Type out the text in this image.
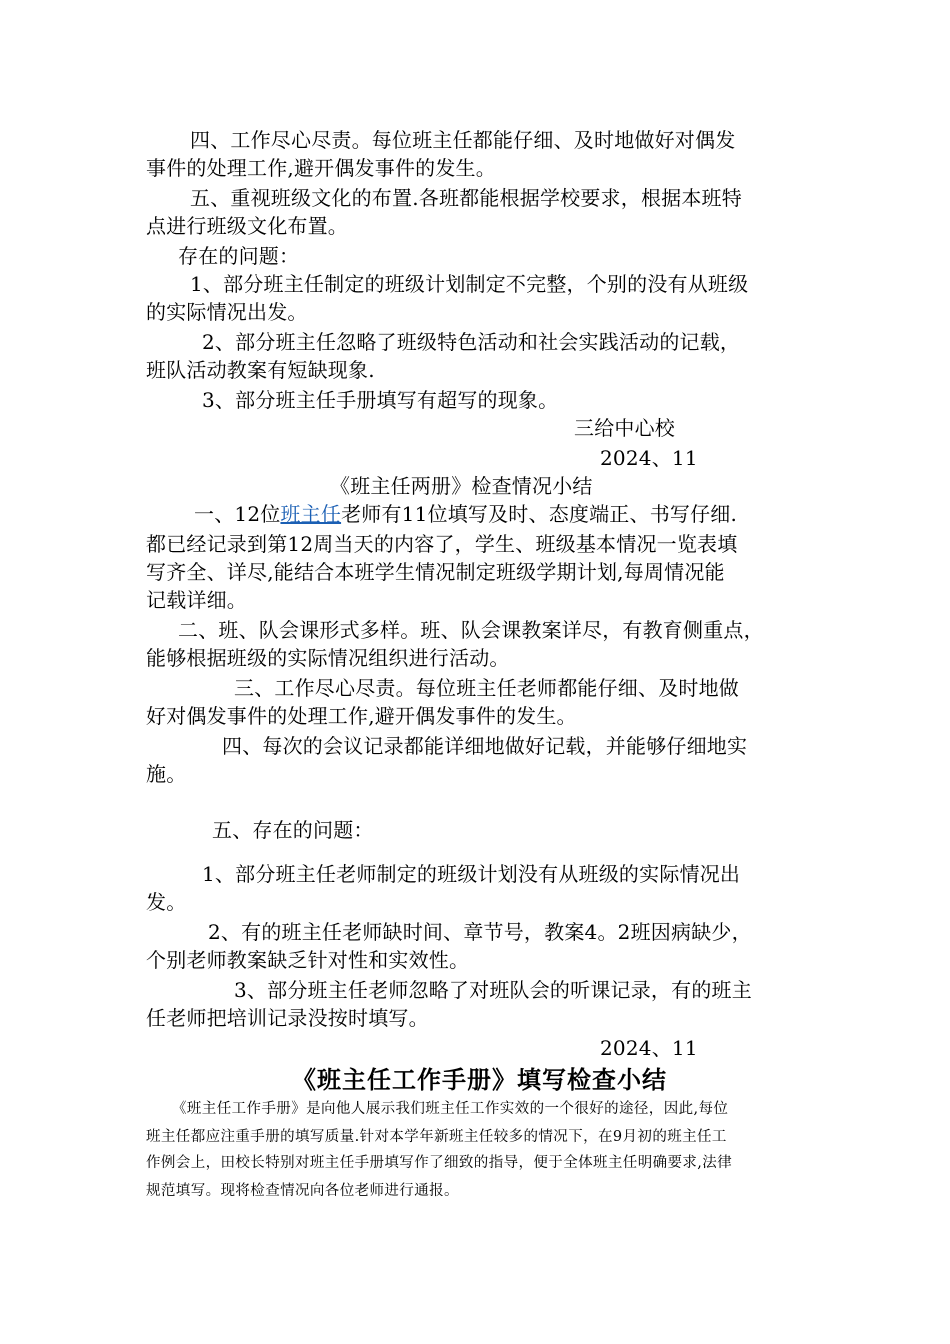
四、工作尽心尽责。每位班主任都能仔细、及时地做好对偶发
事件的处理工作,避开偶发事件的发生。
五、重视班级文化的布置.各班都能根据学校要求，根据本班特
点进行班级文化布置。
存在的问题：
1、部分班主任制定的班级计划制定不完整，个别的没有从班级
的实际情况出发。
2、部分班主任忽略了班级特色活动和社会实践活动的记载，
班队活动教案有短缺现象.
3、部分班主任手册填写有超写的现象。
三给中心校
2024、11
《班主任两册》检查情况小结
一、12位班主任老师有11位填写及时、态度端正、书写仔细.
都已经记录到第12周当天的内容了，学生、班级基本情况一览表填
写齐全、详尽,能结合本班学生情况制定班级学期计划,每周情况能
记载详细。
二、班、队会课形式多样。班、队会课教案详尽，有教育侧重点，
能够根据班级的实际情况组织进行活动。
三、工作尽心尽责。每位班主任老师都能仔细、及时地做
好对偶发事件的处理工作,避开偶发事件的发生。
四、每次的会议记录都能详细地做好记载，并能够仔细地实
施。
五、存在的问题：
1、部分班主任老师制定的班级计划没有从班级的实际情况出
发。
2、有的班主任老师缺时间、章节号，教案4。2班因病缺少，
个别老师教案缺乏针对性和实效性。
3、部分班主任老师忽略了对班队会的听课记录，有的班主
任老师把培训记录没按时填写。
2024、11
《班主任工作手册》填写检查小结
《班主任工作手册》是向他人展示我们班主任工作实效的一个很好的途径，因此,每位
班主任都应注重手册的填写质量.针对本学年新班主任较多的情况下，在9月初的班主任工
作例会上，田校长特别对班主任手册填写作了细致的指导，便于全体班主任明确要求,法律
规范填写。现将检查情况向各位老师进行通报。
